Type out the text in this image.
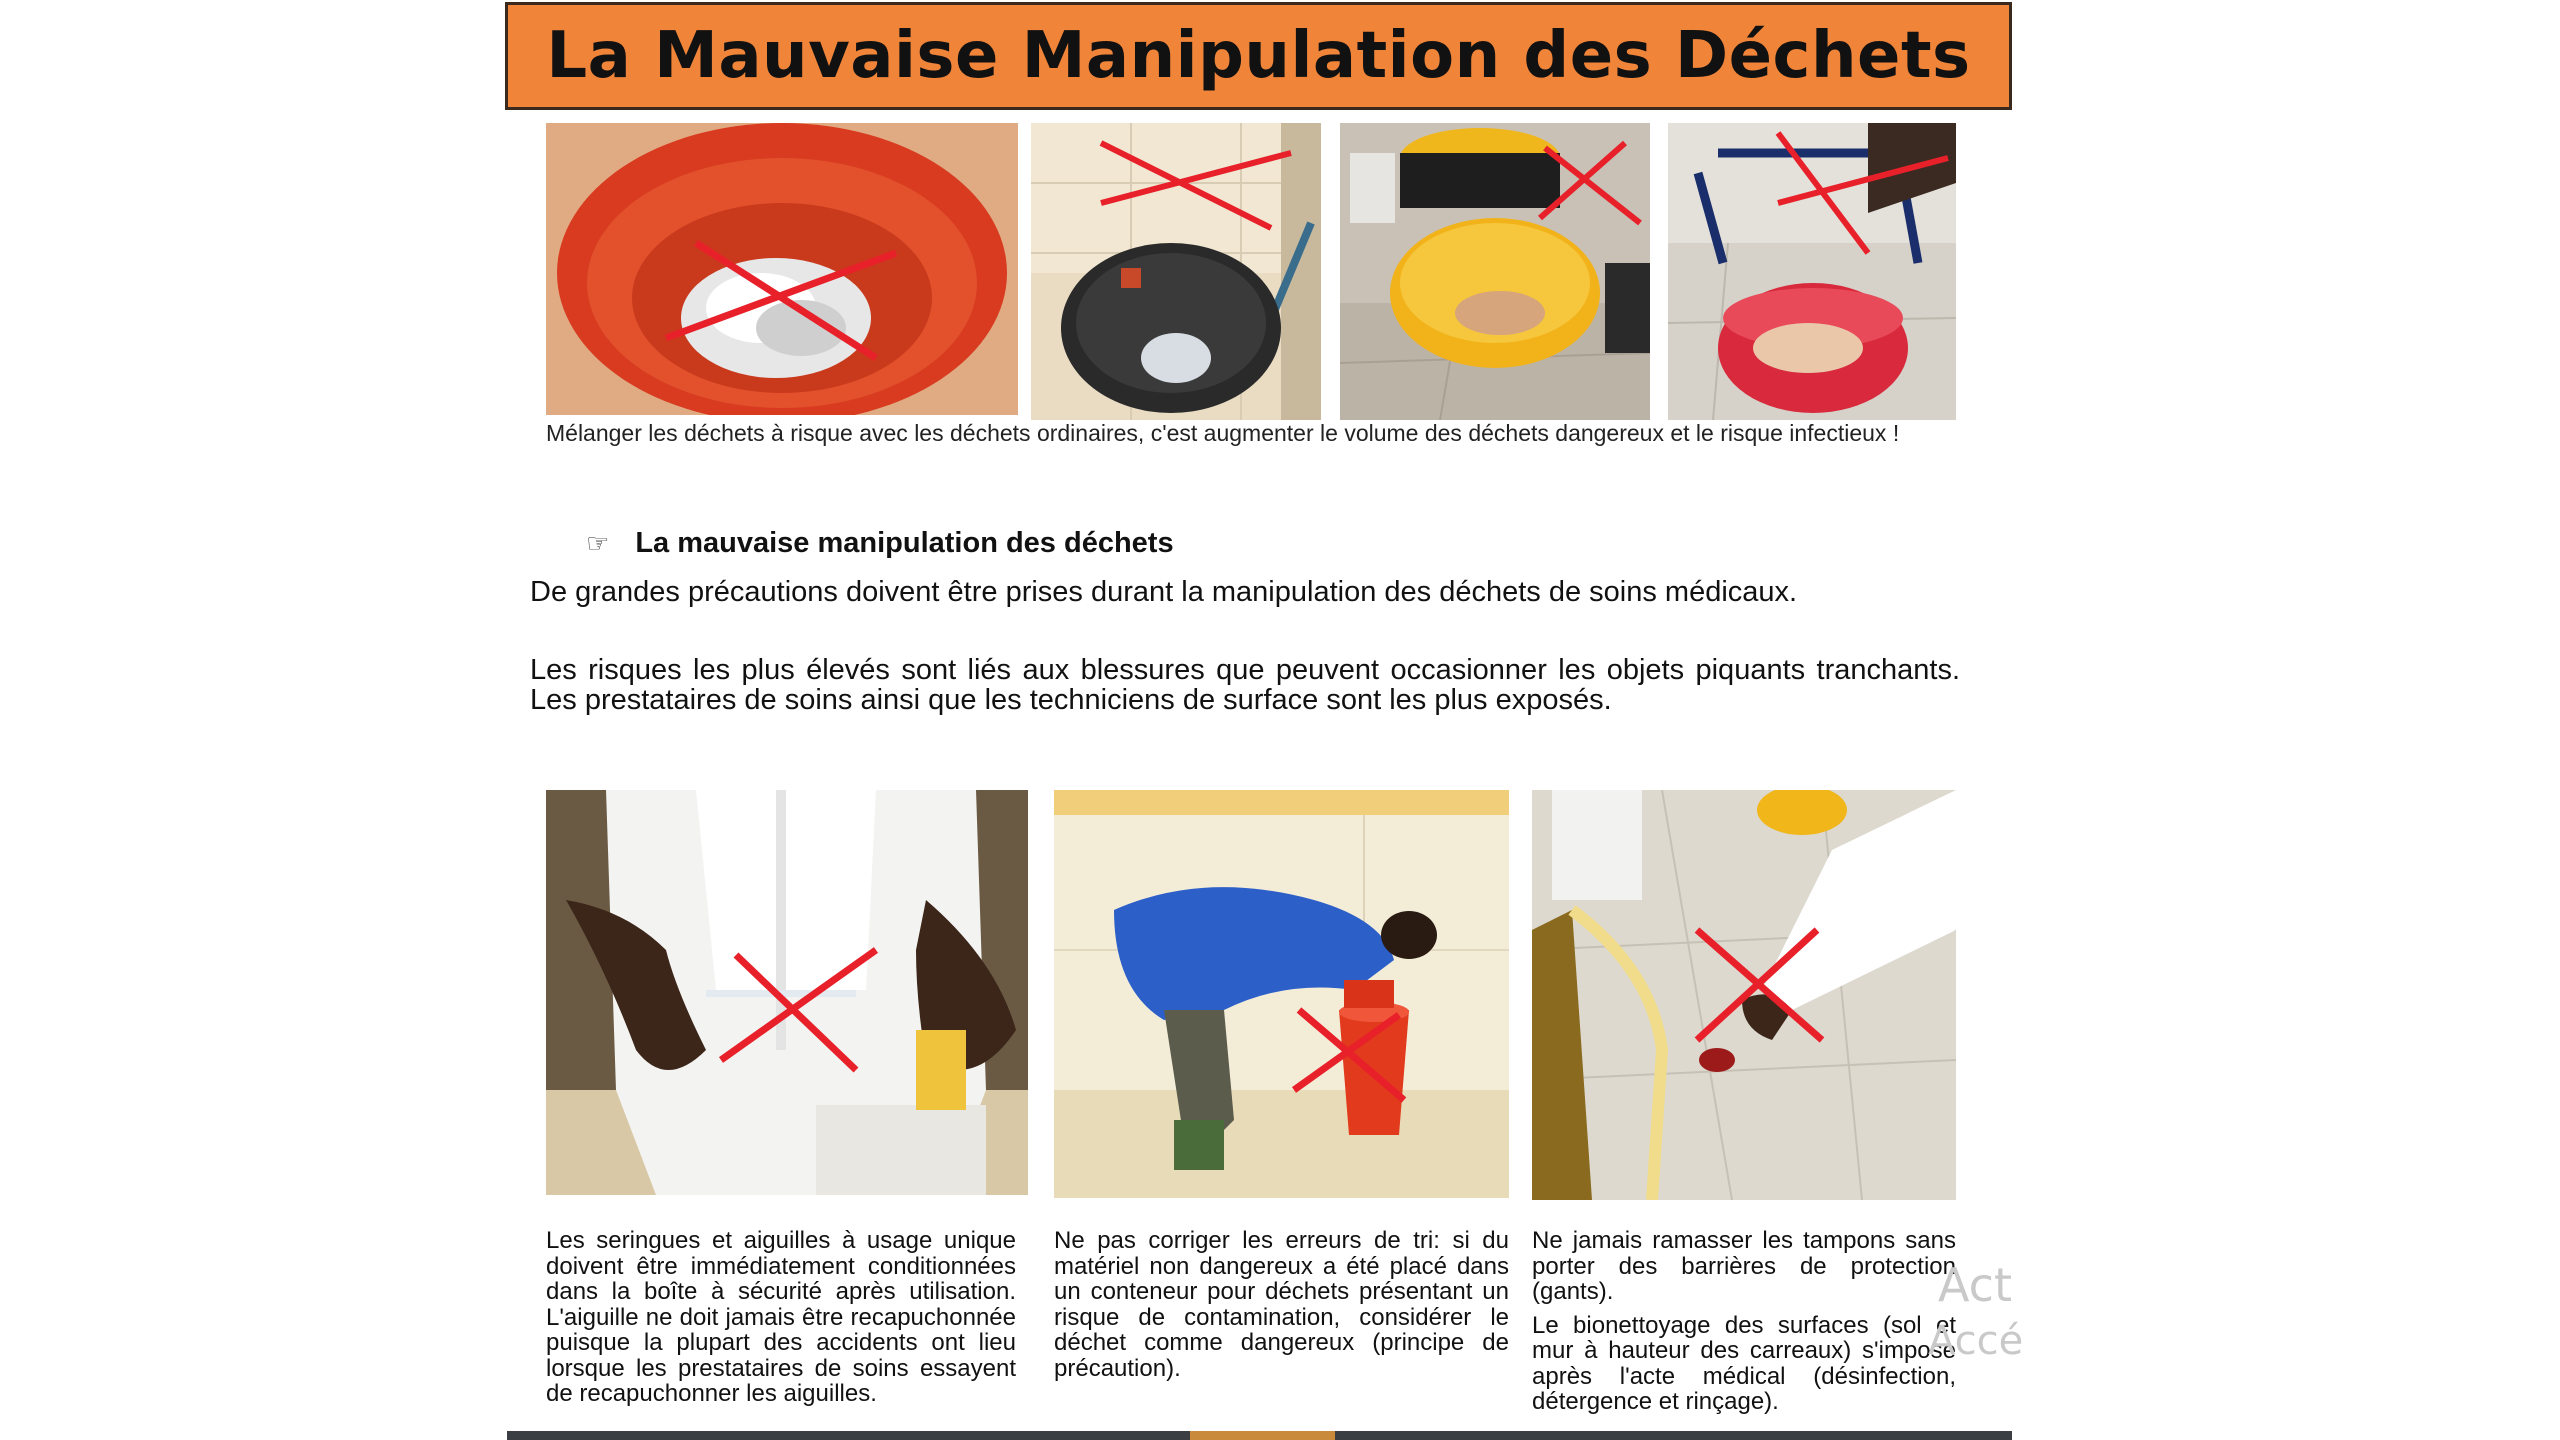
La Mauvaise Manipulation des Déchets
Mélanger les déchets à risque avec les déchets ordinaires, c'est augmenter le volume des déchets dangereux et le risque infectieux !
☞ La mauvaise manipulation des déchets
De grandes précautions doivent être prises durant la manipulation des déchets de soins médicaux.
Les risques les plus élevés sont liés aux blessures que peuvent occasionner les objets piquants tranchants. Les prestataires de soins ainsi que les techniciens de surface sont les plus exposés.

Les seringues et aiguilles à usage unique doivent être immédiatement conditionnées dans la boîte à sécurité après utilisation. L'aiguille ne doit jamais être recapuchonnée puisque la plupart des accidents ont lieu lorsque les prestataires de soins essayent de recapuchonner les aiguilles.

Ne pas corriger les erreurs de tri: si du matériel non dangereux a été placé dans un conteneur pour déchets présentant un risque de contamination, considérer le déchet comme dangereux (principe de précaution).

Ne jamais ramasser les tampons sans porter des barrières de protection (gants).

Le bionettoyage des surfaces (sol et mur à hauteur des carreaux) s'impose après l'acte médical (désinfection, détergence et rinçage).

Act
Accé
